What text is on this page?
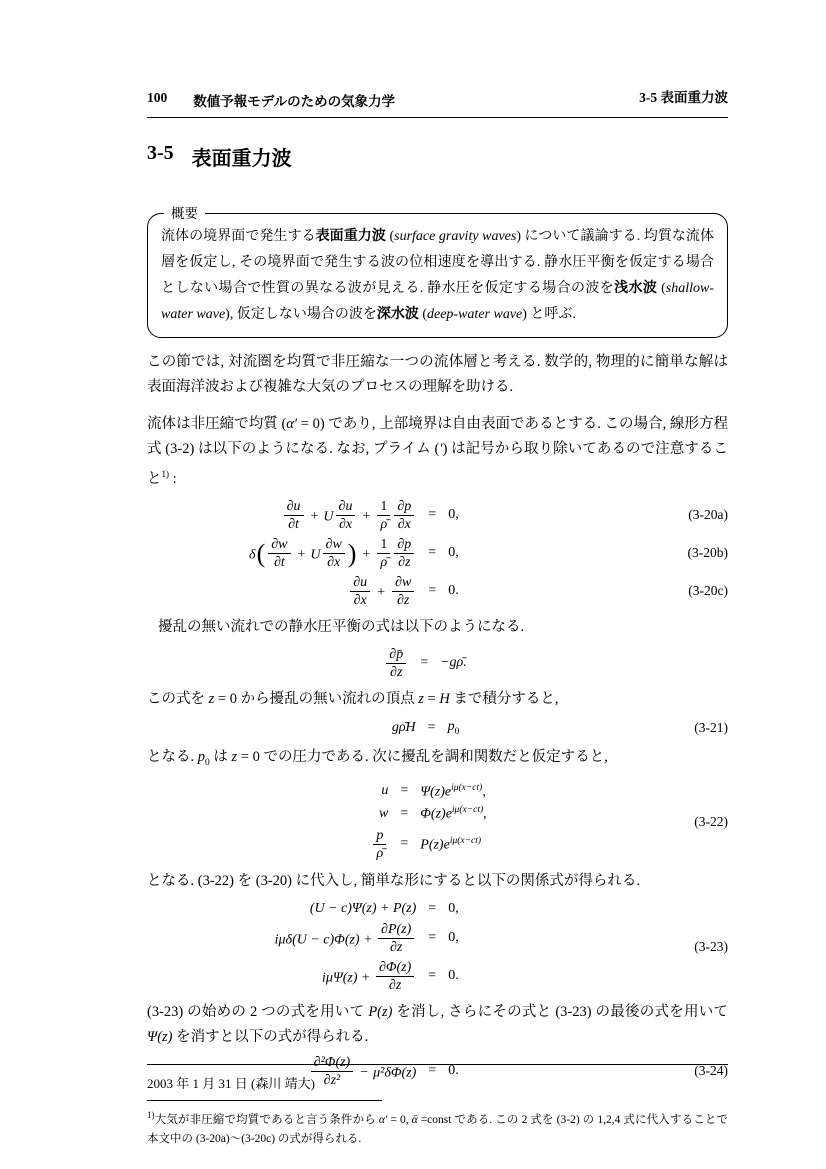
100 数値予報モデルのための気象力学	3-5 表面重力波
3-5 表面重力波
概要

流体の境界面で発生する表面重力波 (surface gravity waves) について議論する. 均質な流体層を仮定し, その境界面で発生する波の位相速度を導出する. 静水圧平衡を仮定する場合としない場合で性質の異なる波が見える. 静水圧を仮定する場合の波を浅水波 (shallow-water wave), 仮定しない場合の波を深水波 (deep-water wave) と呼ぶ.

この節では, 対流圏を均質で非圧縮な一つの流体層と考える. 数学的, 物理的に簡単な解は表面海洋波および複雑な大気のプロセスの理解を助ける.

流体は非圧縮で均質 (α′ = 0) であり, 上部境界は自由表面であるとする. この場合, 線形方程式 (3-2) は以下のようになる. なお, プライム (′) は記号から取り除いてあるので注意すること$^{1)}$ :

$\frac{\partial u}{\partial t} + U \frac{\partial u}{\partial x} + \frac{1}{\rhō} \frac{\partial p}{\partial x}$	= 0,	(3-20a)
$\delta( \frac{\partial w}{\partial t} + U \frac{\partial w}{\partial x}$ ) + $\frac{1}{\rhō} \frac{\partial p}{\partial z}$	= 0,	(3-20b)
$\frac{\partial u}{\partial x} + \frac{\partial w}{\partial z}$	= 0.	(3-20c)

擾乱の無い流れでの静水圧平衡の式は以下のようになる.

$\frac{\partial p̄}{\partial z}$	= −gρ̄.

この式を z = 0 から擾乱の無い流れの頂点 z = H まで積分すると,

gρ̄H = $p_0$	(3-21)

となる. $p_0$ は z = 0 での圧力である. 次に擾乱を調和関数だと仮定すると,

$u = \Psi(z)e^{i\mu(x-ct)}$,
(3-22)
$w = \Phi(z)e^{i\mu(x-ct)}$,
$\frac{p}{\rhō}$	= $P(z)e^{i\mu(x-ct)}$

となる. (3-22) を (3-20) に代入し, 簡単な形にすると以下の関係式が得られる.

(U − c)Ψ(z) + P(z) = 0,
(3-23)
$i\mu\delta(U - c)\Phi(z) + \frac{\partial P(z)}{\partial z}$	= 0,
$i\mu\Psi(z) + \frac{\partial\Phi(z)}{\partial z}$	= 0.

(3-23) の始めの 2 つの式を用いて P(z) を消し, さらにその式と (3-23) の最後の式を用いて Ψ(z) を消すと以下の式が得られる.

$\frac{\text{∂²Φ(z)}}{\text{∂z²}} - \mu^2\delta\Phi(z) = 0$.	(3-24)

$^{1)}$大気が非圧縮で均質であると言う条件から α′ = 0, ᾱ =const である. この 2 式を (3-2) の 1,2,4 式に代入することで本文中の (3-20a)〜(3-20c) の式が得られる.

2003 年 1 月 31 日 (森川 靖大)
